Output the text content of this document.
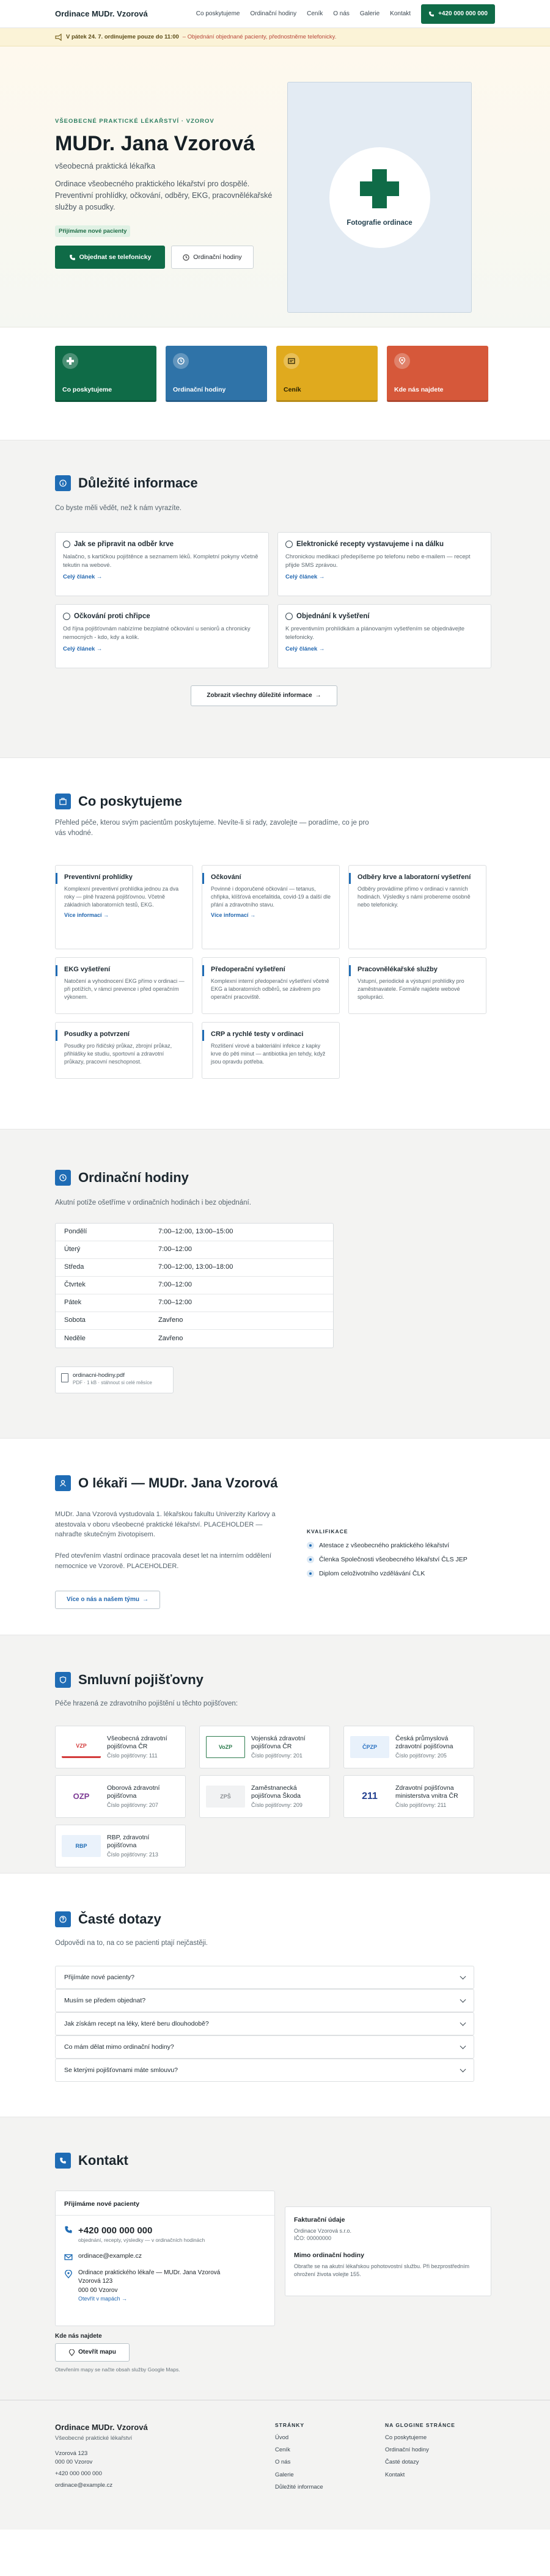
Ordinace MUDr. Vzorová	Co poskytujeme Ordinační hodiny Ceník O nás Galerie Kontakt	+420 000 000 000
V pátek 24. 7. ordinujeme pouze do 11:00 – Objednání objednané pacienty, přednostněme telefonicky.
VŠEOBECNÉ PRAKTICKÉ LÉKAŘSTVÍ · VZOROV
MUDr. Jana Vzorová
všeobecná praktická lékařka
Ordinace všeobecného praktického lékařství pro dospělé. Preventivní prohlídky, očkování, odběry, EKG, pracovnělékařské služby a posudky.
Přijímáme nové pacienty
Objednat se telefonicky	Ordinační hodiny
Fotografie ordinace
Co poskytujeme	Ordinační hodiny	Ceník	Kde nás najdete
Důležité informace
Co byste měli vědět, než k nám vyrazíte.
Jak se připravit na odběr krve

Nalačno, s kartičkou pojištěnce a seznamem léků. Kompletní pokyny včetně tekutin na webové.

Celý článek →
Elektronické recepty vystavujeme i na dálku

Chronickou medikaci předepíšeme po telefonu nebo e-mailem — recept přijde SMS zprávou.

Celý článek →
Očkování proti chřipce

Od října pojišťovnám nabízíme bezplatné očkování u seniorů a chronicky nemocných ‑ kdo, kdy a kolik.

Celý článek →
Objednání k vyšetření

K preventivním prohlídkám a plánovaným vyšetřením se objednávejte telefonicky.

Celý článek →
Zobrazit všechny důležité informace →
Co poskytujeme
Přehled péče, kterou svým pacientům poskytujeme. Nevíte-li si rady, zavolejte — poradíme, co je pro vás vhodné.
Preventivní prohlídky

Komplexní preventivní prohlídka jednou za dva roky — plně hrazená pojišťovnou. Včetně základních laboratorních testů, EKG.

Více informací →
Očkování

Povinné i doporučené očkování — tetanus, chřipka, klíšťová encefalitida, covid-19 a další dle přání a zdravotního stavu.

Více informací →
Odběry krve a laboratorní vyšetření

Odběry provádíme přímo v ordinaci v ranních hodinách. Výsledky s námi probereme osobně nebo telefonicky.

EKG vyšetření

Natočení a vyhodnocení EKG přímo v ordinaci — při potížích, v rámci prevence i před operačním výkonem.

Předoperační vyšetření

Komplexní interní předoperační vyšetření včetně EKG a laboratorních odběrů, se závěrem pro operační pracoviště.

Pracovnělékařské služby

Vstupní, periodické a výstupní prohlídky pro zaměstnavatele. Formáře najdete webové spolupráci.

Posudky a potvrzení

Posudky pro řidičský průkaz, zbrojní průkaz, přihlášky ke studiu, sportovní a zdravotní průkazy, pracovní neschopnost.

CRP a rychlé testy v ordinaci

Rozlišení virové a bakteriální infekce z kapky krve do pěti minut — antibiotika jen tehdy, když jsou opravdu potřeba.

Ordinační hodiny
Akutní potíže ošetříme v ordinačních hodinách i bez objednání.
Pondělí	7:00–12:00, 13:00–15:00
Úterý	7:00–12:00
Středa	7:00–12:00, 13:00–18:00
Čtvrtek	7:00–12:00
Pátek	7:00–12:00
Sobota	Zavřeno
Neděle	Zavřeno
ordinacni-hodiny.pdf
PDF · 1 kB · stáhnout si celé měsíce
O lékaři — MUDr. Jana Vzorová
MUDr. Jana Vzorová vystudovala 1. lékařskou fakultu Univerzity Karlovy a atestovala v oboru všeobecné praktické lékařství. PLACEHOLDER — nahraďte skutečným životopisem.
Před otevřením vlastní ordinace pracovala deset let na interním oddělení nemocnice ve Vzorově. PLACEHOLDER.
Více o nás a našem týmu →
KVALIFIKACE
Atestace z všeobecného praktického lékařství
Členka Společnosti všeobecného lékařství ČLS JEP
Diplom celoživotního vzdělávání ČLK
Smluvní pojišťovny
Péče hrazená ze zdravotního pojištění u těchto pojišťoven:
VZP
Všeobecná zdravotní pojišťovna ČR
Číslo pojišťovny: 111
VoZP
Vojenská zdravotní pojišťovna ČR
Číslo pojišťovny: 201
ČPZP
Česká průmyslová zdravotní pojišťovna
Číslo pojišťovny: 205
OZP
Oborová zdravotní pojišťovna
Číslo pojišťovny: 207
ZPŠ
Zaměstnanecká pojišťovna Škoda
Číslo pojišťovny: 209
211
Zdravotní pojišťovna ministerstva vnitra ČR
Číslo pojišťovny: 211
RBP
RBP, zdravotní pojišťovna
Číslo pojišťovny: 213
Časté dotazy
Odpovědi na to, na co se pacienti ptají nejčastěji.
Přijímáte nové pacienty?
Musím se předem objednat?
Jak získám recept na léky, které beru dlouhodobě?
Co mám dělat mimo ordinační hodiny?
Se kterými pojišťovnami máte smlouvu?
Kontakt
Přijímáme nové pacienty
+420 000 000 000
objednání, recepty, výsledky — v ordinačních hodinách
ordinace@example.cz
Ordinace praktického lékaře — MUDr. Jana Vzorová
Vzorová 123
000 00 Vzorov
Otevřít v mapách →
Fakturační údaje
Ordinace Vzorová s.r.o.
IČO: 00000000
Mimo ordinační hodiny
Obraťte se na akutní lékařskou pohotovostní službu. Při bezprostředním ohrožení života volejte 155.
Kde nás najdete
Otevřít mapu
Otevřením mapy se načte obsah služby Google Maps.
Ordinace MUDr. Vzorová
Všeobecné praktické lékařství
Vzorová 123
000 00 Vzorov
+420 000 000 000
ordinace@example.cz
STRÁNKY
Úvod
Ceník
O nás
Galerie
Důležité informace
NA GLOGINE STRÁNCE
Co poskytujeme
Ordinační hodiny
Časté dotazy
Kontakt
